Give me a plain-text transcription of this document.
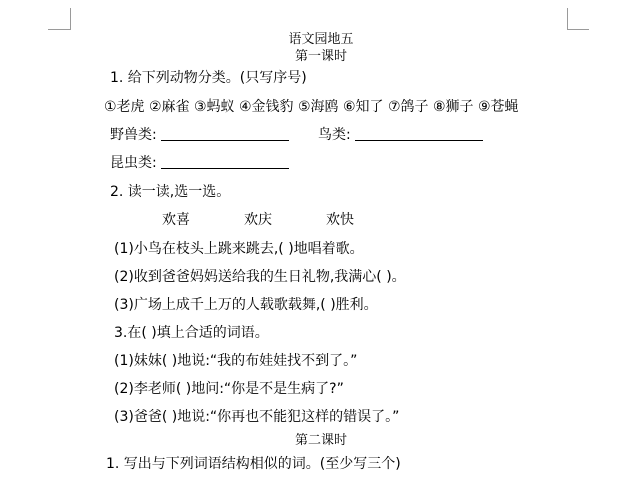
语文园地五
第一课时
1. 给下列动物分类。(只写序号)
①老虎 ②麻雀 ③蚂蚁 ④金钱豹 ⑤海鸥 ⑥知了 ⑦鸽子 ⑧狮子 ⑨苍蝇
野兽类:	鸟类:
昆虫类:
2. 读一读,选一选。
欢喜	欢庆	欢快
(1)小鸟在枝头上跳来跳去,( )地唱着歌。
(2)收到爸爸妈妈送给我的生日礼物,我满心( )。
(3)广场上成千上万的人载歌载舞,( )胜利。
3.在( )填上合适的词语。
(1)妹妹( )地说:“我的布娃娃找不到了。”
(2)李老师( )地问:“你是不是生病了?”
(3)爸爸( )地说:“你再也不能犯这样的错误了。”
第二课时
1. 写出与下列词语结构相似的词。(至少写三个)
